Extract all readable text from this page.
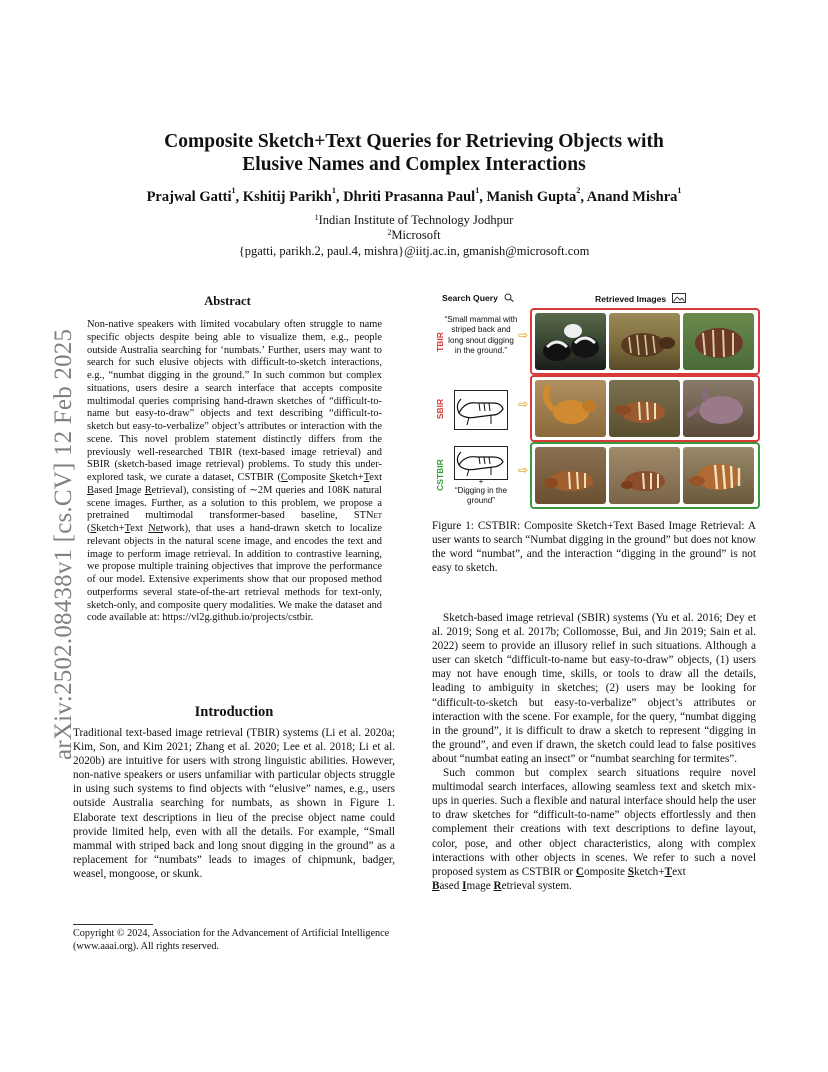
arXiv:2502.08438v1 [cs.CV] 12 Feb 2025
Composite Sketch+Text Queries for Retrieving Objects with
Elusive Names and Complex Interactions
Prajwal Gatti$^1$, Kshitij Parikh$^1$, Dhriti Prasanna Paul$^1$, Manish Gupta$^2$, Anand Mishra$^1$
$^1$Indian Institute of Technology Jodhpur
$^2$Microsoft
{pgatti, parikh.2, paul.4, mishra}@iitj.ac.in, gmanish@microsoft.com
Abstract
Non-native speakers with limited vocabulary often struggle to name specific objects despite being able to visualize them, e.g., people outside Australia searching for ‘numbats.’ Further, users may want to search for such elusive objects with difficult-to-sketch interactions, e.g., “numbat digging in the ground.” In such common but complex situations, users desire a search interface that accepts composite multimodal queries comprising hand-drawn sketches of “difficult-to-name but easy-to-draw” objects and text describing “difficult-to-sketch but easy-to-verbalize” object’s attributes or interaction with the scene. This novel problem statement distinctly differs from the previously well-researched TBIR (text-based image retrieval) and SBIR (sketch-based image retrieval) problems. To study this under-explored task, we curate a dataset, CSTBIR (Composite Sketch+Text Based Image Retrieval), consisting of ∼2M queries and 108K natural scene images. Further, as a solution to this problem, we propose a pretrained multimodal transformer-based baseline, STNet (Sketch+Text Network), that uses a hand-drawn sketch to localize relevant objects in the natural scene image, and encodes the text and image to perform image retrieval. In addition to contrastive learning, we propose multiple training objectives that improve the performance of our model. Extensive experiments show that our proposed method outperforms several state-of-the-art retrieval methods for text-only, sketch-only, and composite query modalities. We make the dataset and code available at: https://vl2g.github.io/projects/cstbir.
Introduction

Traditional text-based image retrieval (TBIR) systems (Li et al. 2020a; Kim, Son, and Kim 2021; Zhang et al. 2020; Lee et al. 2018; Li et al. 2020b) are intuitive for users with strong linguistic abilities. However, non-native speakers or users unfamiliar with particular objects struggle in using such systems to find objects with “elusive” names, e.g., users outside Australia searching for numbats, as shown in Figure 1. Elaborate text descriptions in lieu of the precise object name could provide limited help, even with all the details. For example, “Small mammal with striped back and long snout digging in the ground” as a replacement for “numbats” leads to images of chipmunk, badger, weasel, mongoose, or skunk.

Copyright © 2024, Association for the Advancement of Artificial Intelligence (www.aaai.org). All rights reserved.
Search Query	Retrieved Images
TBIR
“Small mammal with striped back and long snout digging in the ground.”
⇨
SBIR	⇨
CSTBIR	+
“Digging in the ground”
⇨
Figure 1: CSTBIR: Composite Sketch+Text Based Image Retrieval: A user wants to search “Numbat digging in the ground” but does not know the word “numbat”, and the interaction “digging in the ground” is not easy to sketch.

Sketch-based image retrieval (SBIR) systems (Yu et al. 2016; Dey et al. 2019; Song et al. 2017b; Collomosse, Bui, and Jin 2019; Sain et al. 2022) seem to provide an illusory relief in such situations. Although a user can sketch “difficult-to-name but easy-to-draw” objects, (1) users may not have enough time, skills, or tools to draw all the details, leading to ambiguity in sketches; (2) users may be looking for “difficult-to-sketch but easy-to-verbalize” object’s attributes or interaction with the scene. For example, for the query, “numbat digging in the ground”, it is difficult to draw a sketch to represent “digging in the ground”, and even if drawn, the sketch could lead to false positives about “numbat eating an insect” or “numbat searching for termites”.

Such common but complex search situations require novel multimodal search interfaces, allowing seamless text and sketch mix-ups in queries. Such a flexible and natural interface should help the user to draw sketches for “difficult-to-name” objects effortlessly and then complement their creations with text descriptions to define layout, color, pose, and other object characteristics, along with complex interactions with other objects in scenes. We refer to such a novel proposed system as CSTBIR or Composite Sketch+Text
Based Image Retrieval system.
